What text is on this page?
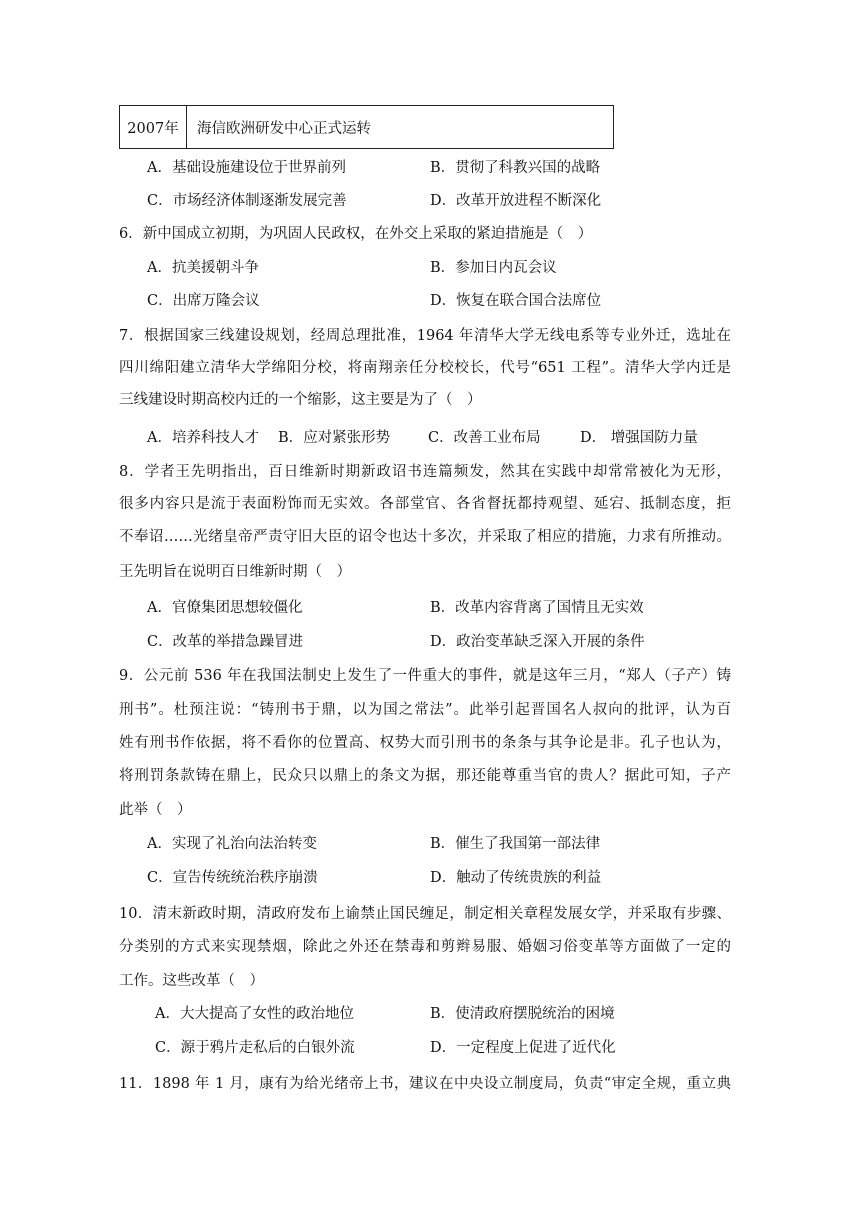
2007年	海信欧洲研发中心正式运转
A．基础设施建设位于世界前列	B．贯彻了科教兴国的战略
C．市场经济体制逐渐发展完善	D．改革开放进程不断深化
6．新中国成立初期，为巩固人民政权，在外交上采取的紧迫措施是（　）
A．抗美援朝斗争	B．参加日内瓦会议
C．出席万隆会议	D．恢复在联合国合法席位
7．根据国家三线建设规划，经周总理批准，1964 年清华大学无线电系等专业外迁，选址在
四川绵阳建立清华大学绵阳分校，将南翔亲任分校校长，代号“651 工程”。清华大学内迁是
三线建设时期高校内迁的一个缩影，这主要是为了（　）
A．培养科技人才 B．应对紧张形势	C．改善工业布局	D． 增强国防力量
8．学者王先明指出，百日维新时期新政诏书连篇频发，然其在实践中却常常被化为无形，
很多内容只是流于表面粉饰而无实效。各部堂官、各省督抚都持观望、延宕、抵制态度，拒
不奉诏……光绪皇帝严责守旧大臣的诏令也达十多次，并采取了相应的措施，力求有所推动。
王先明旨在说明百日维新时期（　）
A．官僚集团思想较僵化	B．改革内容背离了国情且无实效
C．改革的举措急躁冒进	D．政治变革缺乏深入开展的条件
9．公元前 536 年在我国法制史上发生了一件重大的事件，就是这年三月，“郑人（子产）铸
刑书”。杜预注说：“铸刑书于鼎，以为国之常法”。此举引起晋国名人叔向的批评，认为百
姓有刑书作依据，将不看你的位置高、权势大而引刑书的条条与其争论是非。孔子也认为，
将刑罚条款铸在鼎上，民众只以鼎上的条文为据，那还能尊重当官的贵人？据此可知，子产
此举（　）
A．实现了礼治向法治转变	B．催生了我国第一部法律
C．宣告传统统治秩序崩溃	D．触动了传统贵族的利益
10．清末新政时期，清政府发布上谕禁止国民缠足，制定相关章程发展女学，并采取有步骤、
分类别的方式来实现禁烟，除此之外还在禁毒和剪辫易服、婚姻习俗变革等方面做了一定的
工作。这些改革（　）
A．大大提高了女性的政治地位	B．使清政府摆脱统治的困境
C．源于鸦片走私后的白银外流	D．一定程度上促进了近代化
11．1898 年 1 月，康有为给光绪帝上书，建议在中央设立制度局，负责“审定全规，重立典
